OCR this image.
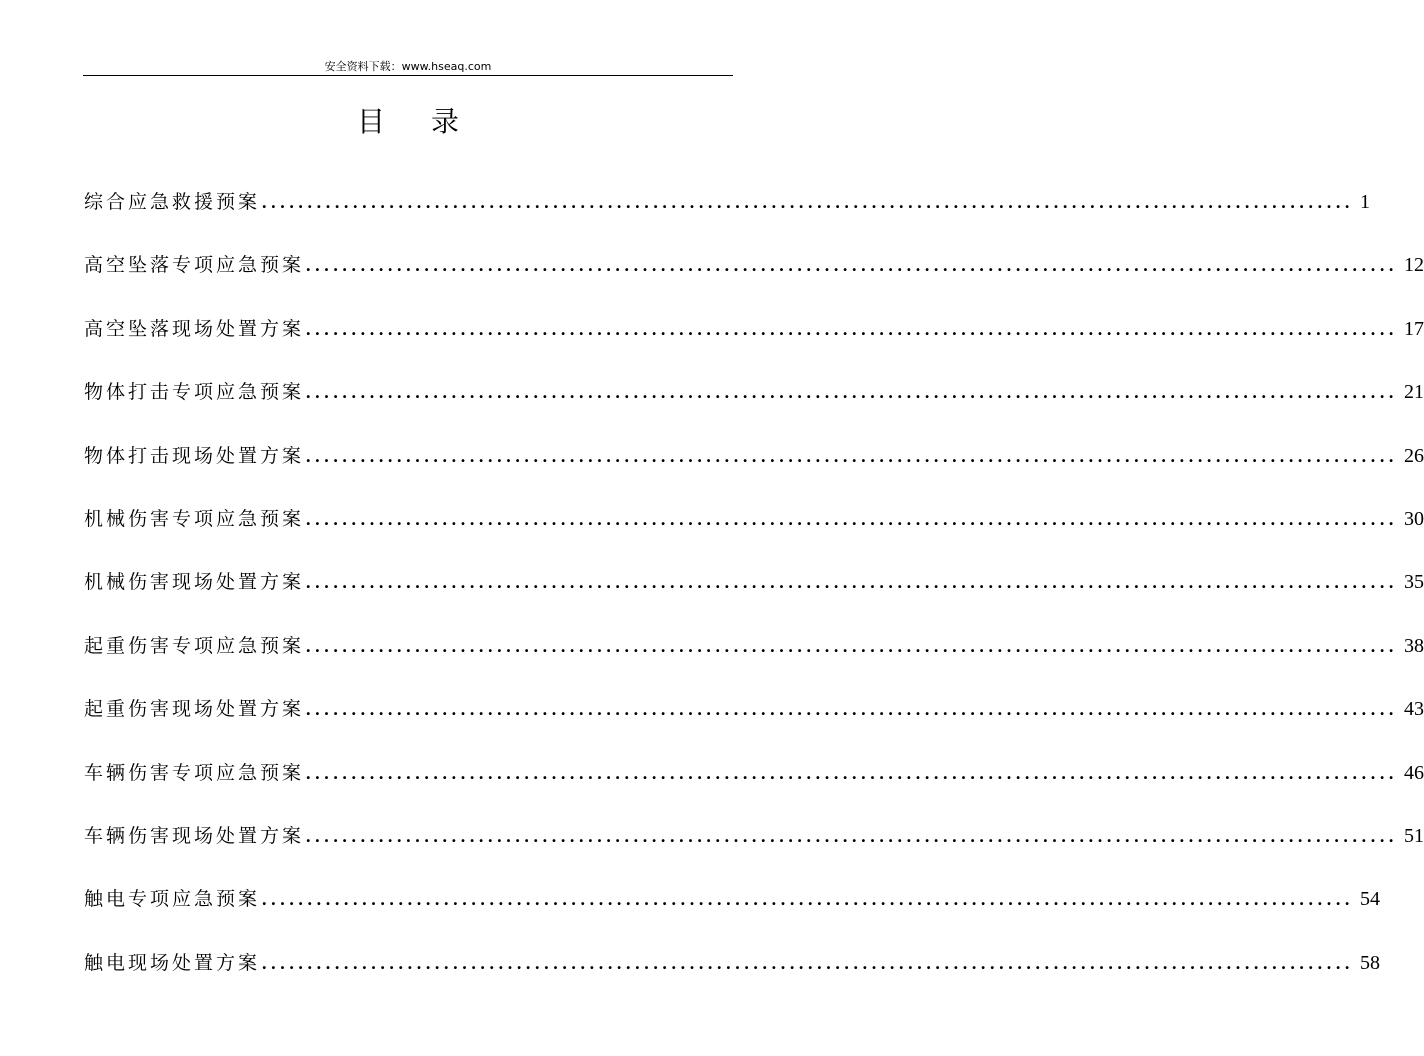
安全资料下载：www.hseaq.com
目录
综合应急救援预案 ........................................................................................................................ 1
高空坠落专项应急预案 ........................................................................................................................ 12
高空坠落现场处置方案 ........................................................................................................................ 17
物体打击专项应急预案 ........................................................................................................................ 21
物体打击现场处置方案 ........................................................................................................................ 26
机械伤害专项应急预案 ........................................................................................................................ 30
机械伤害现场处置方案 ........................................................................................................................ 35
起重伤害专项应急预案 ........................................................................................................................ 38
起重伤害现场处置方案 ........................................................................................................................ 43
车辆伤害专项应急预案 ........................................................................................................................ 46
车辆伤害现场处置方案 ........................................................................................................................ 51
触电专项应急预案 ........................................................................................................................ 54
触电现场处置方案 ........................................................................................................................ 58
